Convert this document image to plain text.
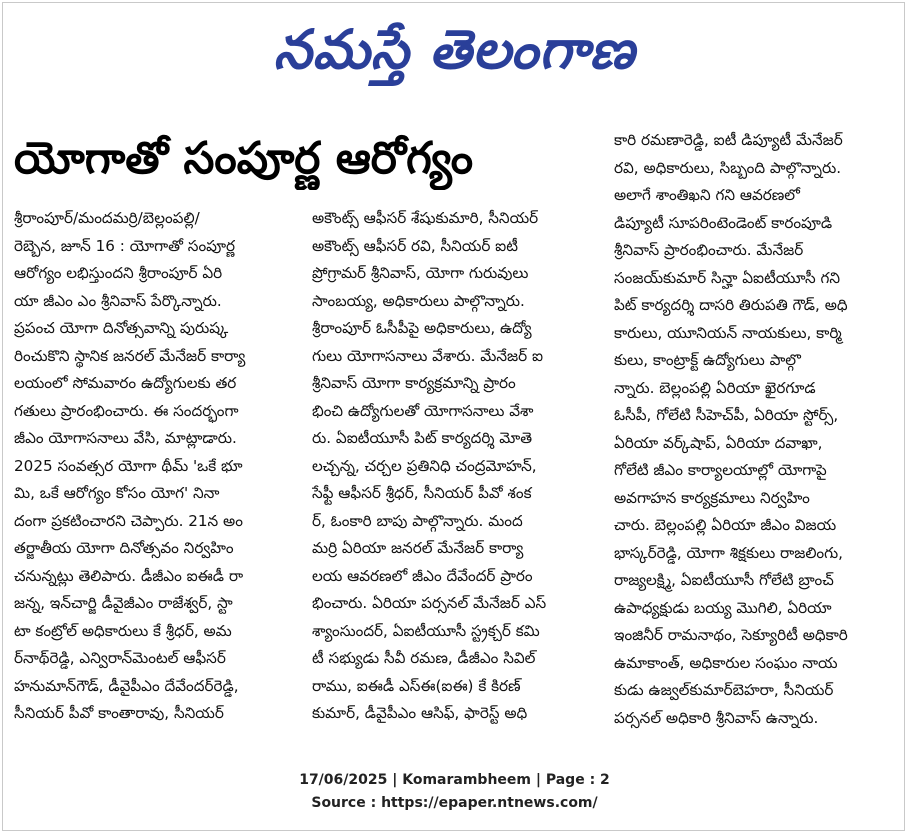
నమస్తే తెలంగాణ
యోగాతో సంపూర్ణ ఆరోగ్యం

శ్రీరాంపూర్/మందమర్రి/బెల్లంపల్లి/

రెబ్బెన, జూన్ 16 : యోగాతో సంపూర్ణ

ఆరోగ్యం లభిస్తుందని శ్రీరాంపూర్ ఏరి

యా జీఎం ఎం శ్రీనివాస్ పేర్కొన్నారు.

ప్రపంచ యోగా దినోత్సవాన్ని పురుష్క

రించుకొని స్థానిక జనరల్ మేనేజర్ కార్యా

లయంలో సోమవారం ఉద్యోగులకు తర

గతులు ప్రారంభించారు. ఈ సందర్భంగా

జీఎం యోగాసనాలు వేసి, మాట్లాడారు.

2025 సంవత్సర యోగా థీమ్ 'ఒకే భూ

మి, ఒకే ఆరోగ్యం కోసం యోగ' నినా

దంగా ప్రకటించారని చెప్పారు. 21న అం

తర్జాతీయ యోగా దినోత్సవం నిర్వహిం

చనున్నట్లు తెలిపారు. డీజీఎం ఐఈడీ రా

జన్న, ఇన్‌చార్జి డీవైజీఎం రాజేశ్వర్, స్టా

టా కంట్రోల్ అధికారులు కే శ్రీధర్, అమ

ర్‌నాథ్‌రెడ్డి, ఎన్విరాన్‌మెంటల్ ఆఫీసర్

హనుమాన్‌గౌడ్, డీవైపీఎం దేవేందర్‌రెడ్డి,

సీనియర్ పీవో కాంతారావు, సీనియర్

అకౌంట్స్ ఆఫీసర్ శేషుకుమారి, సీనియర్

అకౌంట్స్ ఆఫీసర్ రవి, సీనియర్ ఐటీ

ప్రోగ్రామర్ శ్రీనివాస్, యోగా గురువులు

సాంబయ్య, అధికారులు పాల్గొన్నారు.

శ్రీరాంపూర్ ఓసీపీపై అధికారులు, ఉద్యో

గులు యోగాసనాలు వేశారు. మేనేజర్ ఐ

శ్రీనివాస్ యోగా కార్యక్రమాన్ని ప్రారం

భించి ఉద్యోగులతో యోగాసనాలు వేశా

రు. ఏఐటీయూసీ పిట్ కార్యదర్శి మోతె

లచ్చన్న, చర్చల ప్రతినిధి చంద్రమోహన్,

సేఫ్టీ ఆఫీసర్ శ్రీధర్, సీనియర్ పీవో శంక

ర్, ఓంకారి బాపు పాల్గొన్నారు. మంద

మర్రి ఏరియా జనరల్ మేనేజర్ కార్యా

లయ ఆవరణలో జీఎం దేవేందర్ ప్రారం

భించారు. ఏరియా పర్సనల్ మేనేజర్ ఎస్

శ్యాంసుందర్, ఏఐటీయూసీ స్ట్రక్చర్ కమి

టీ సభ్యుడు సీవీ రమణ, డీజీఎం సివిల్

రాము, ఐఈడీ ఎస్ఈ(ఐఈ) కే కిరణ్

కుమార్, డీవైపీఎం ఆసిఫ్, ఫారెస్ట్ అధి

కారి రమణారెడ్డి, ఐటీ డిప్యూటీ మేనేజర్

రవి, అధికారులు, సిబ్బంది పాల్గొన్నారు.

అలాగే శాంతిఖని గని ఆవరణలో

డిప్యూటీ సూపరింటెండెంట్ కారంపూడి

శ్రీనివాస్ ప్రారంభించారు. మేనేజర్

సంజయ్‌కుమార్ సిన్హా ఏఐటీయూసీ గని

పిట్ కార్యదర్శి దాసరి తిరుపతి గౌడ్, అధి

కారులు, యూనియన్ నాయకులు, కార్మి

కులు, కాంట్రాక్ట్ ఉద్యోగులు పాల్గొ

న్నారు. బెల్లంపల్లి ఏరియా ఖైరగూడ

ఓసీపీ, గోలేటి సీహెచ్‌పీ, ఏరియా స్టోర్స్,

ఏరియా వర్క్‌షాప్, ఏరియా దవాఖా,

గోలేటి జీఎం కార్యాలయాల్లో యోగాపై

అవగాహన కార్యక్రమాలు నిర్వహిం

చారు. బెల్లంపల్లి ఏరియా జీఎం విజయ

భాస్కర్‌రెడ్డి, యోగా శిక్షకులు రాజలింగు,

రాజ్యలక్ష్మి, ఏఐటీయూసీ గోలేటి బ్రాంచ్

ఉపాధ్యక్షుడు బయ్య మొగిలి, ఏరియా

ఇంజినీర్ రామనాథం, సెక్యూరిటీ అధికారి

ఉమాకాంత్, అధికారుల సంఘం నాయ

కుడు ఉజ్వల్‌కుమార్‌బెహరా, సీనియర్

పర్సనల్ అధికారి శ్రీనివాస్ ఉన్నారు.

17/06/2025 | Komarambheem | Page : 2
Source : https://epaper.ntnews.com/
